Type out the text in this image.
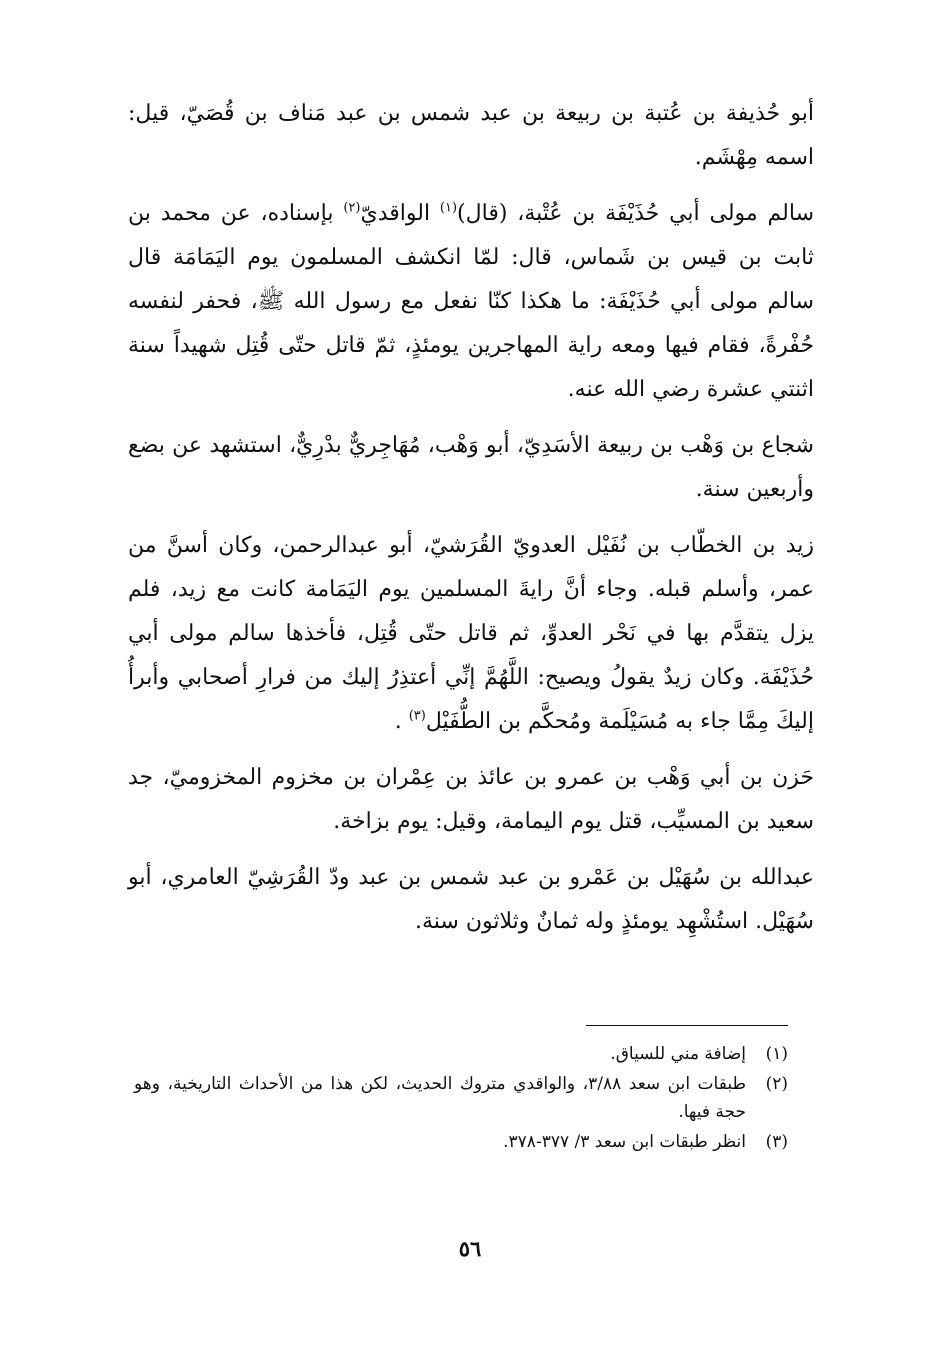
أبو حُذيفة بن عُتبة بن ربيعة بن عبد شمس بن عبد مَناف بن قُصَيّ، قيل: اسمه مِهْشَم.

سالم مولى أبي حُذَيْفَة بن عُتْبة، (قال)$^{(١)}$ الواقديّ$^{(٢)}$ بإسناده، عن محمد بن ثابت بن قيس بن شَماس، قال: لمّا انكشف المسلمون يوم اليَمَامَة قال سالم مولى أبي حُذَيْفَة: ما هكذا كنّا نفعل مع رسول الله ﷺ، فحفر لنفسه حُفْرةً، فقام فيها ومعه راية المهاجرين يومئذٍ، ثمّ قاتل حتّى قُتِل شهيداً سنة اثنتي عشرة رضي الله عنه.

شجاع بن وَهْب بن ربيعة الأسَدِيّ، أبو وَهْب، مُهَاجِريٌّ بدْرِيٌّ، استشهد عن بضع وأربعين سنة.

زيد بن الخطّاب بن نُفَيْل العدويّ القُرَشيّ، أبو عبدالرحمن، وكان أسنَّ من عمر، وأسلم قبله. وجاء أنَّ رايةَ المسلمين يوم اليَمَامة كانت مع زيد، فلم يزل يتقدَّم بها في نَحْر العدوِّ، ثم قاتل حتّى قُتِل، فأخذها سالم مولى أبي حُذَيْفَة. وكان زيدٌ يقولُ ويصيح: اللَّهُمَّ إنِّي أعتذِرُ إليك من فرارِ أصحابي وأبرأُ إليكَ مِمَّا جاء به مُسَيْلَمة ومُحكَّم بن الطُّفَيْل$^{(٣)}$ .

حَزن بن أبي وَهْب بن عمرو بن عائذ بن عِمْران بن مخزوم المخزوميّ، جد سعيد بن المسيِّب، قتل يوم اليمامة، وقيل: يوم بزاخة.

عبدالله بن سُهَيْل بن عَمْرو بن عبد شمس بن عبد ودّ القُرَشِيّ العامري، أبو سُهَيْل. استُشْهِد يومئذٍ وله ثمانٌ وثلاثون سنة.

(١)
إضافة مني للسياق.
(٢)
طبقات ابن سعد ٣/٨٨، والواقدي متروك الحديث، لكن هذا من الأحداث التاريخية، وهو حجة فيها.
(٣)
انظر طبقات ابن سعد ٣/ ٣٧٧-٣٧٨.
٥٦
